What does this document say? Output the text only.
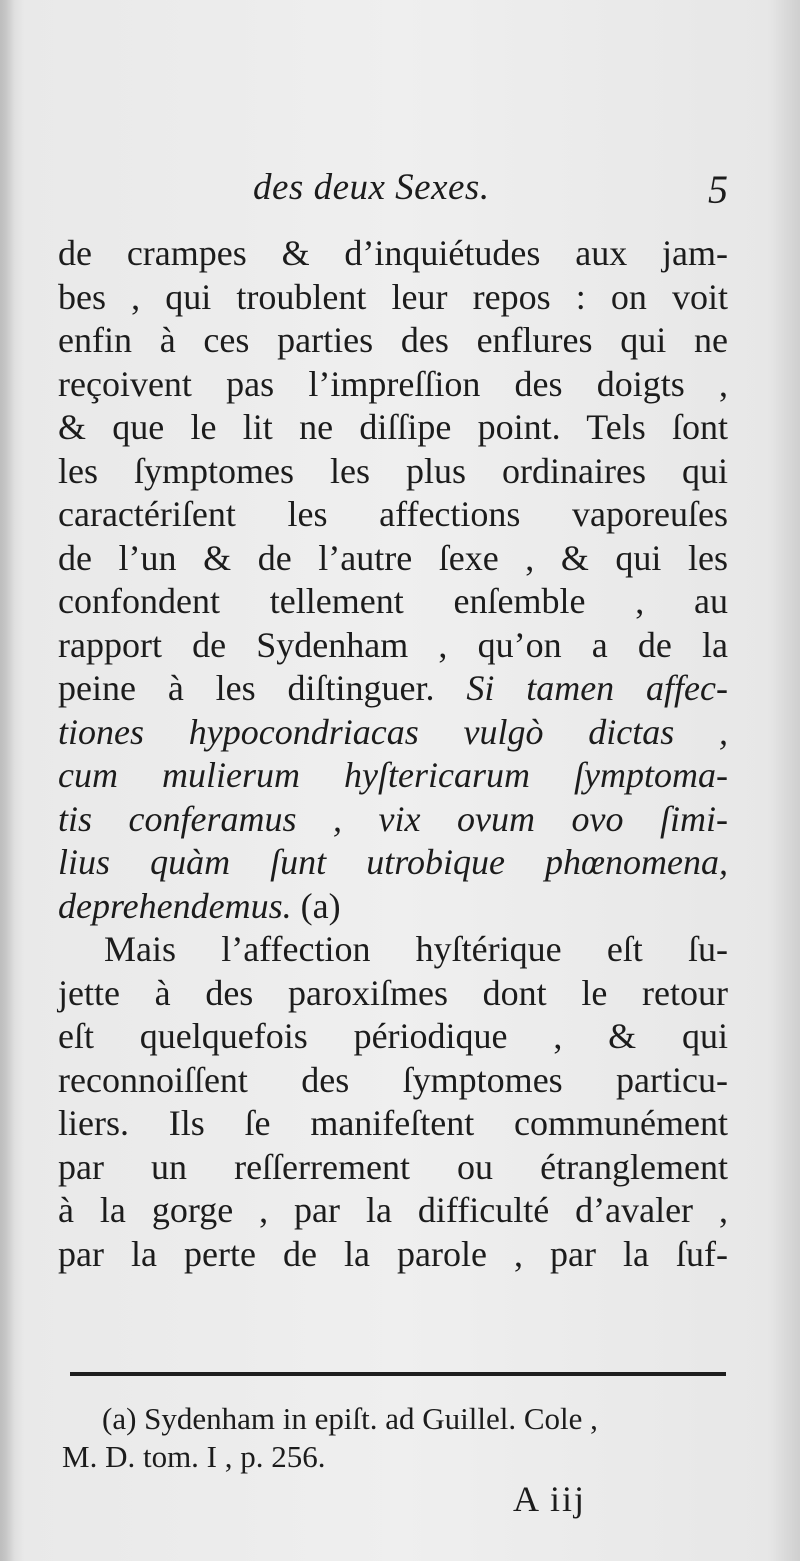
des deux Sexes.	5
de crampes & d’inquiétudes aux jam-
bes , qui troublent leur repos : on voit
enfin à ces parties des enflures qui ne
reçoivent pas l’impreſſion des doigts ,
& que le lit ne diſſipe point. Tels ſont
les ſymptomes les plus ordinaires qui
caractériſent les affections vaporeuſes
de l’un & de l’autre ſexe , & qui les
confondent tellement enſemble , au
rapport de Sydenham , qu’on a de la
peine à les diſtinguer. Si tamen affec-
tiones hypocondriacas vulgò dictas ,
cum mulierum hyſtericarum ſymptoma-
tis conferamus , vix ovum ovo ſimi-
lius quàm ſunt utrobique phœnomena,
deprehendemus. (a)
Mais l’affection hyſtérique eſt ſu-
jette à des paroxiſmes dont le retour
eſt quelquefois périodique , & qui
reconnoiſſent des ſymptomes particu-
liers. Ils ſe manifeſtent communément
par un reſſerrement ou étranglement
à la gorge , par la difficulté d’avaler ,
par la perte de la parole , par la ſuf-
(a) Sydenham in epiſt. ad Guillel. Cole ,
M. D. tom. I , p. 256.
A iij
